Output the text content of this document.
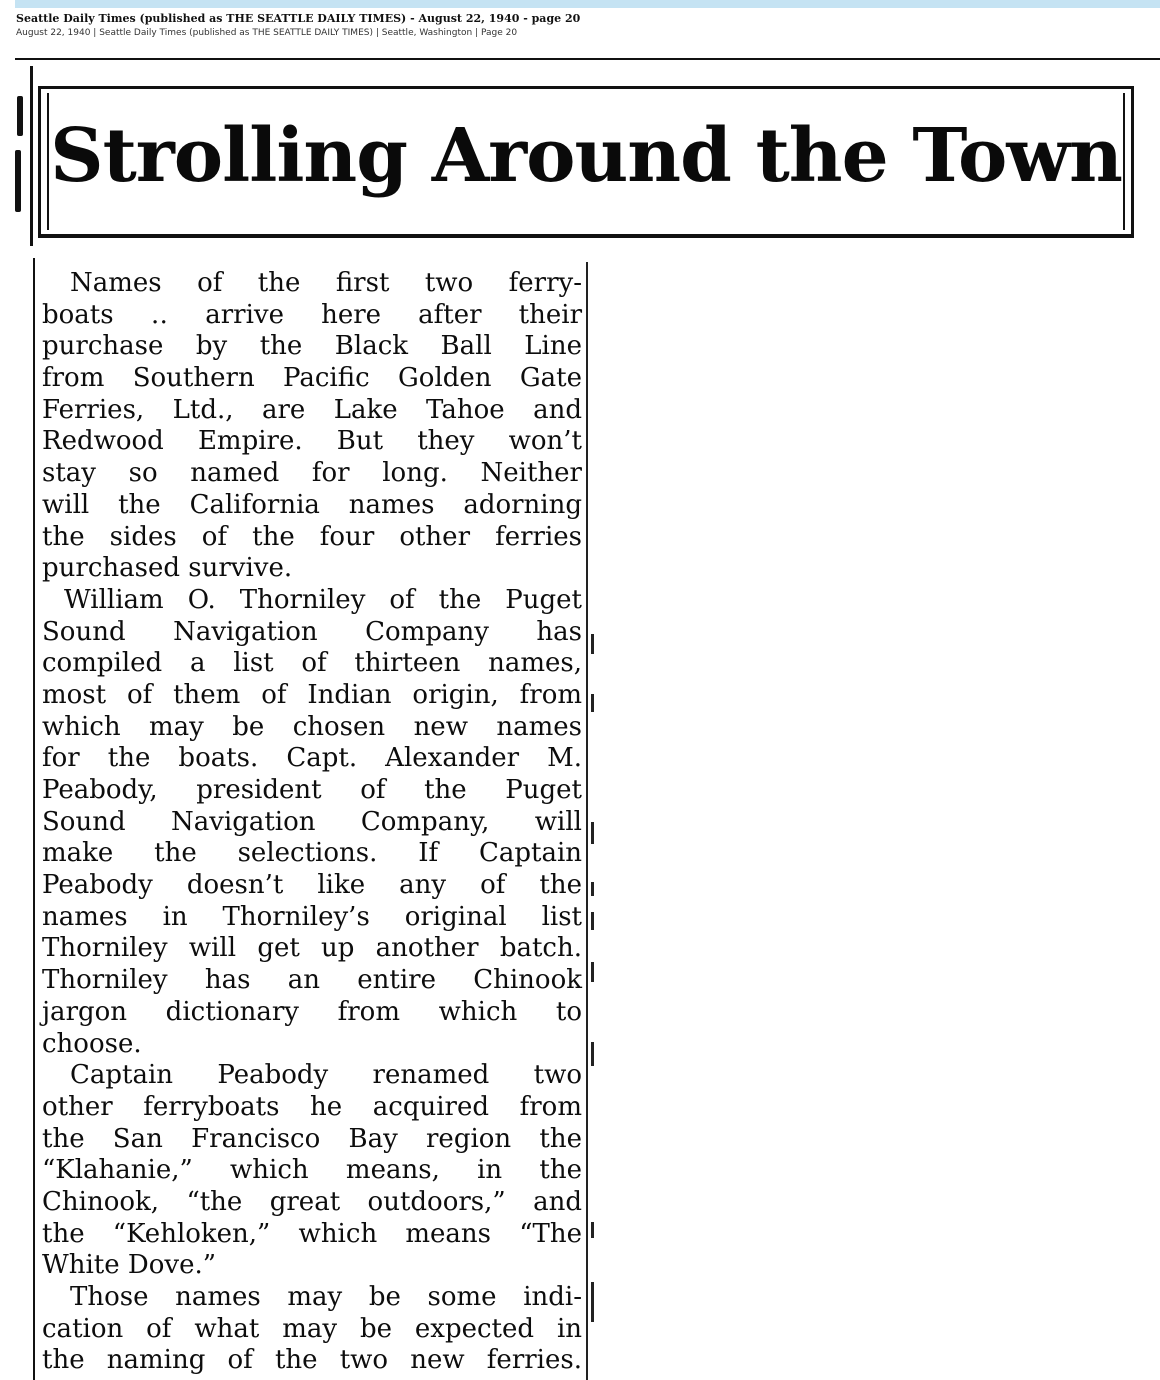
Seattle Daily Times (published as THE SEATTLE DAILY TIMES) - August 22, 1940 - page 20
August 22, 1940 | Seattle Daily Times (published as THE SEATTLE DAILY TIMES) | Seattle, Washington | Page 20
Strolling Around the Town
Names of the first two ferry-
boats ․․ arrive here after their
purchase by the Black Ball Line
from Southern Pacific Golden Gate
Ferries, Ltd., are Lake Tahoe and
Redwood Empire. But they won’t
stay so named for long. Neither
will the California names adorning
the sides of the four other ferries
purchased survive.
William O. Thorniley of the Puget
Sound Navigation Company has
compiled a list of thirteen names,
most of them of Indian origin, from
which may be chosen new names
for the boats. Capt. Alexander M.
Peabody, president of the Puget
Sound Navigation Company, will
make the selections. If Captain
Peabody doesn’t like any of the
names in Thorniley’s original list
Thorniley will get up another batch.
Thorniley has an entire Chinook
jargon dictionary from which to
choose.
Captain Peabody renamed two
other ferryboats he acquired from
the San Francisco Bay region the
“Klahanie,” which means, in the
Chinook, “the great outdoors,” and
the “Kehloken,” which means “The
White Dove.”
Those names may be some indi-
cation of what may be expected in
the naming of the two new ferries.
